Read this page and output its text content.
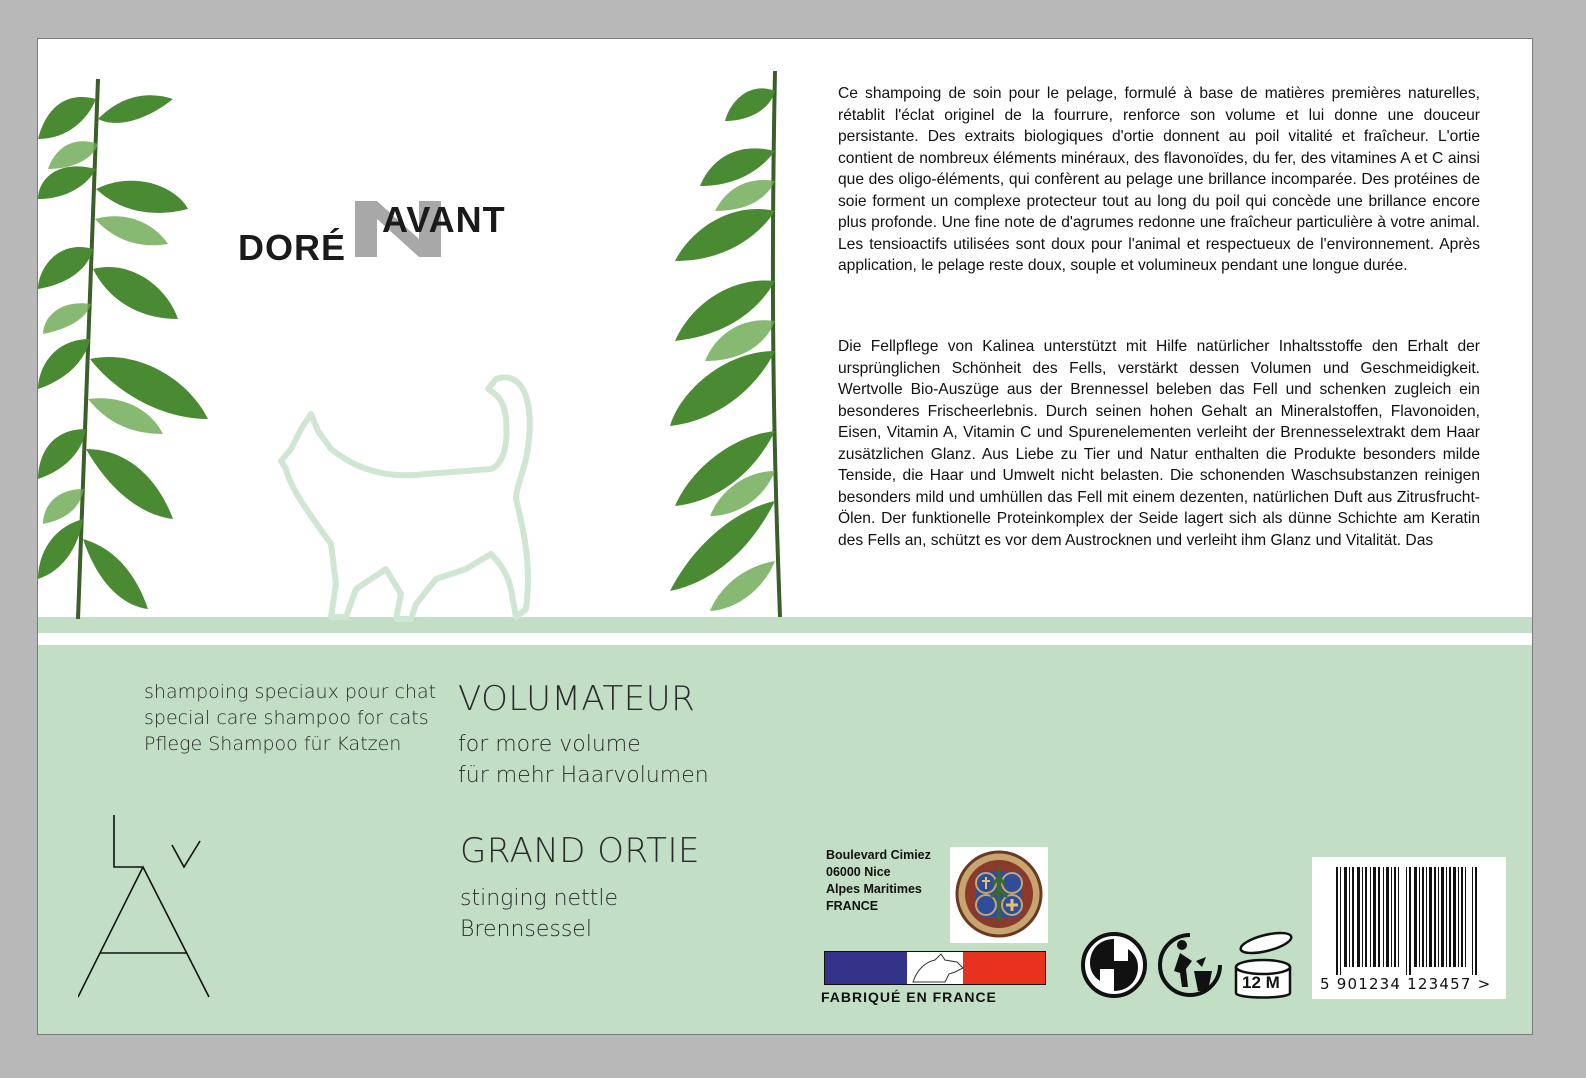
DORÉ
AVANT
Ce shampoing de soin pour le pelage, formulé à base de matières premières naturelles, rétablit l'éclat originel de la fourrure, renforce son volume et lui donne une douceur persistante. Des extraits biologiques d'ortie donnent au poil vitalité et fraîcheur. L'ortie contient de nombreux éléments minéraux, des flavonoïdes, du fer, des vitamines A et C ainsi que des oligo-éléments, qui confèrent au pelage une brillance incomparée. Des protéines de soie forment un complexe protecteur tout au long du poil qui concède une brillance encore plus profonde. Une fine note de d'agrumes redonne une fraîcheur particulière à votre animal. Les tensioactifs utilisées sont doux pour l'animal et respectueux de l'environnement. Après application, le pelage reste doux, souple et volumineux pendant une longue durée.
Die Fellpflege von Kalinea unterstützt mit Hilfe natürlicher Inhaltsstoffe den Erhalt der ursprünglichen Schönheit des Fells, verstärkt dessen Volumen und Geschmeidigkeit. Wertvolle Bio-Auszüge aus der Brennessel beleben das Fell und schenken zugleich ein besonderes Frischeerlebnis. Durch seinen hohen Gehalt an Mineralstoffen, Flavonoiden, Eisen, Vitamin A, Vitamin C und Spurenelementen verleiht der Brennesselextrakt dem Haar zusätzlichen Glanz. Aus Liebe zu Tier und Natur enthalten die Produkte besonders milde Tenside, die Haar und Umwelt nicht belasten. Die schonenden Waschsubstanzen reinigen besonders mild und umhüllen das Fell mit einem dezenten, natürlichen Duft aus Zitrusfrucht-Ölen. Der funktionelle Proteinkomplex der Seide lagert sich als dünne Schichte am Keratin des Fells an, schützt es vor dem Austrocknen und verleiht ihm Glanz und Vitalität. Das
shampoing speciaux pour chat
special care shampoo for cats
Pflege Shampoo für Katzen
VOLUMATEUR
for more volume
für mehr Haarvolumen
GRAND ORTIE
stinging nettle
Brennsessel
Boulevard Cimiez
06000 Nice
Alpes Maritimes
FRANCE
FABRIQUÉ EN FRANCE
12 M	5 901234 123457 >
